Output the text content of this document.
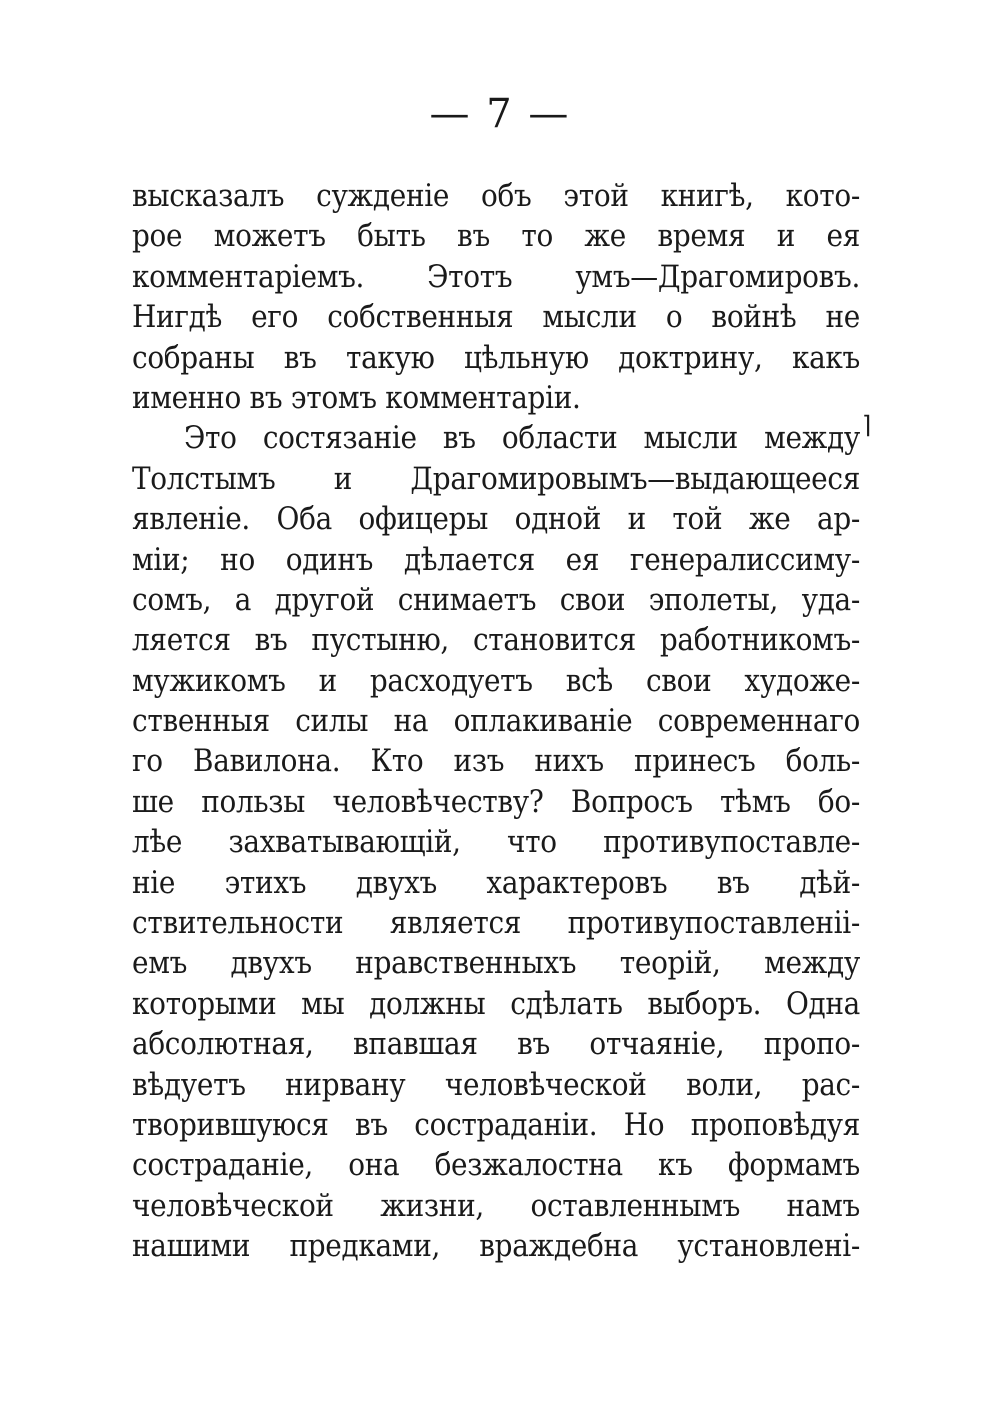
— 7 —
⌉
высказалъ сужденіе объ этой книгѣ, кото-
рое можетъ быть въ то же время и ея
комментаріемъ. Этотъ умъ—Драгомировъ.
Нигдѣ его собственныя мысли о войнѣ не
собраны въ такую цѣльную доктрину, какъ
именно въ этомъ комментаріи.
Это состязаніе въ области мысли между
Толстымъ и Драгомировымъ—выдающееся
явленіе. Оба офицеры одной и той же ар-
міи; но одинъ дѣлается ея генералиссиму-
сомъ, а другой снимаетъ свои эполеты, уда-
ляется въ пустыню, становится работникомъ-
мужикомъ и расходуетъ всѣ свои художе-
ственныя силы на оплакиваніе современнаго
го Вавилона. Кто изъ нихъ принесъ боль-
ше пользы человѣчеству? Вопросъ тѣмъ бо-
лѣе захватывающій, что противупоставле-
ніе этихъ двухъ характеровъ въ дѣй-
ствительности является противупоставленіі-
емъ двухъ нравственныхъ теорій, между
которыми мы должны сдѣлать выборъ. Одна
абсолютная, впавшая въ отчаяніе, пропо-
вѣдуетъ нирвану человѣческой воли, рас-
творившуюся въ состраданіи. Но проповѣдуя
состраданіе, она безжалостна къ формамъ
человѣческой жизни, оставленнымъ намъ
нашими предками, враждебна установлені-
